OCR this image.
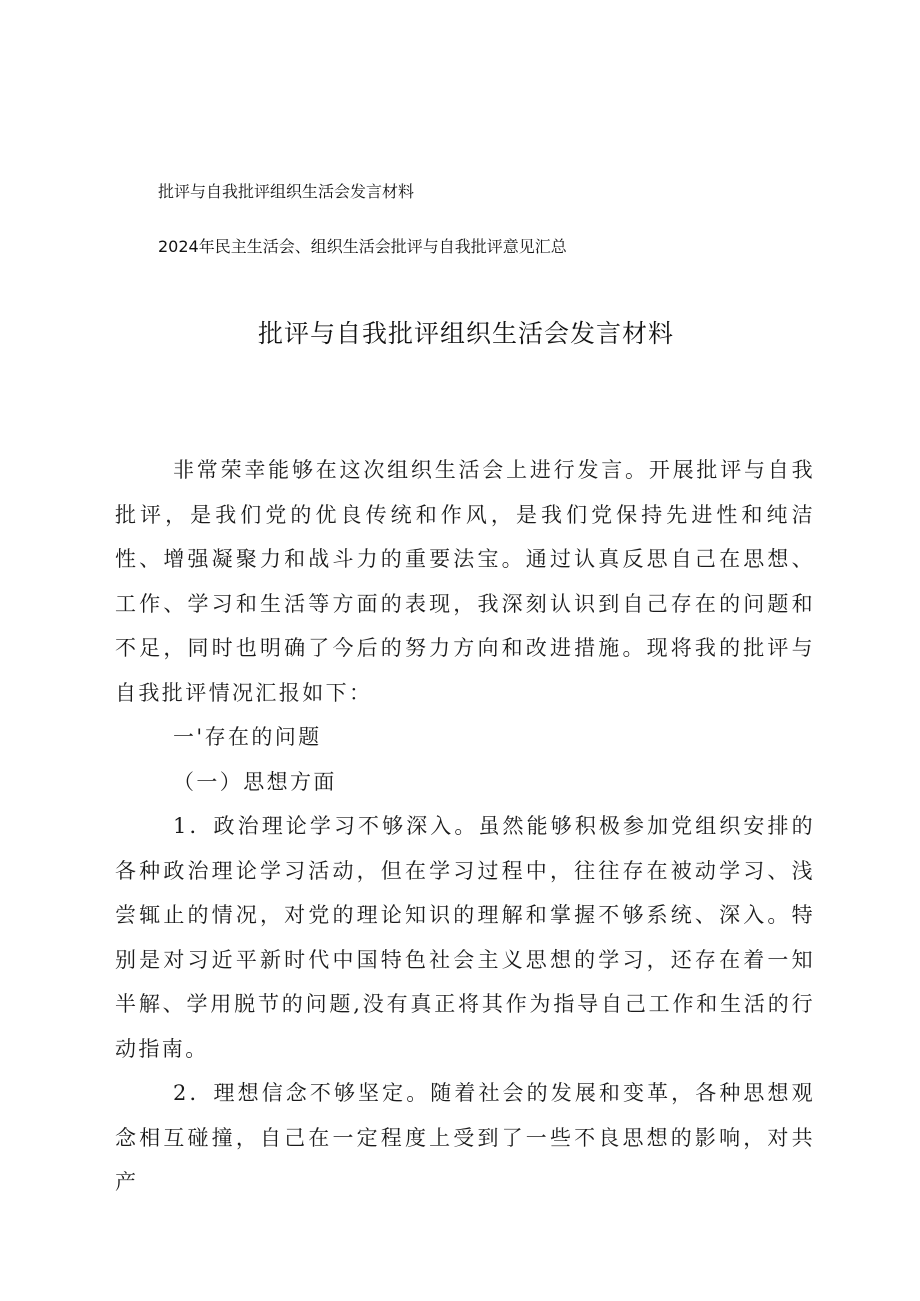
批评与自我批评组织生活会发言材料
2024年民主生活会、组织生活会批评与自我批评意见汇总
批评与自我批评组织生活会发言材料

非常荣幸能够在这次组织生活会上进行发言。开展批评与自我批评，是我们党的优良传统和作风，是我们党保持先进性和纯洁性、增强凝聚力和战斗力的重要法宝。通过认真反思自己在思想、工作、学习和生活等方面的表现，我深刻认识到自己存在的问题和不足，同时也明确了今后的努力方向和改进措施。现将我的批评与自我批评情况汇报如下：

一'存在的问题

（一）思想方面

1．政治理论学习不够深入。虽然能够积极参加党组织安排的各种政治理论学习活动，但在学习过程中，往往存在被动学习、浅尝辄止的情况，对党的理论知识的理解和掌握不够系统、深入。特别是对习近平新时代中国特色社会主义思想的学习，还存在着一知半解、学用脱节的问题,没有真正将其作为指导自己工作和生活的行动指南。

2．理想信念不够坚定。随着社会的发展和变革，各种思想观念相互碰撞，自己在一定程度上受到了一些不良思想的影响，对共产
